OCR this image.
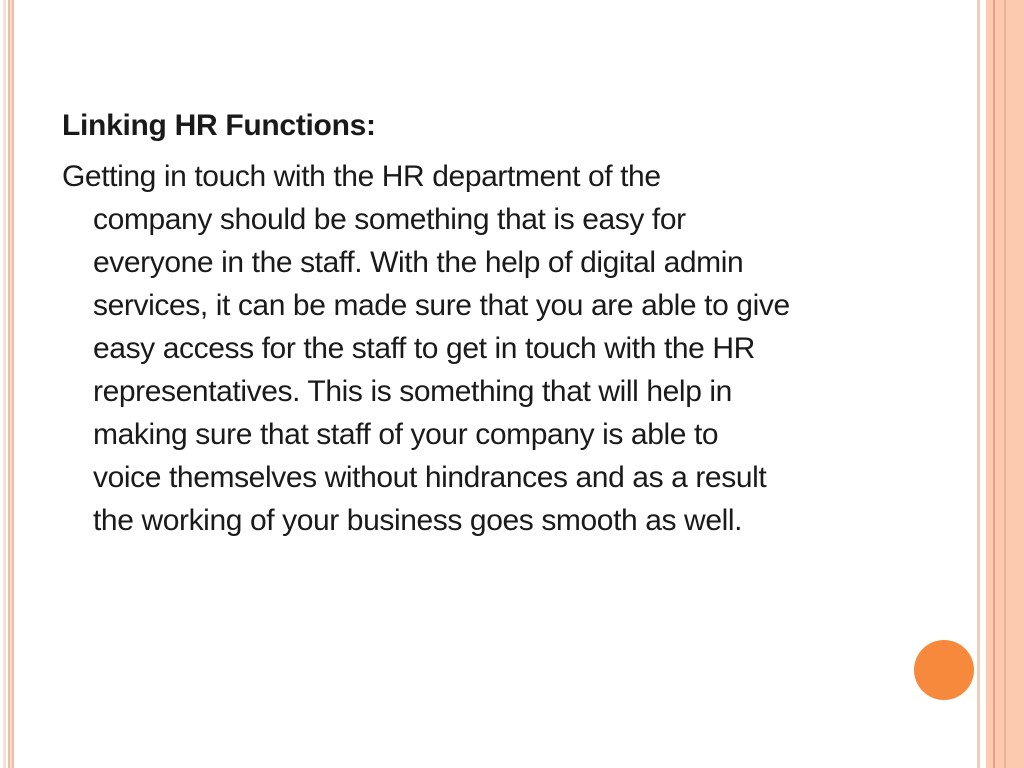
Linking HR Functions:
Getting in touch with the HR department of the
company should be something that is easy for
everyone in the staff. With the help of digital admin
services, it can be made sure that you are able to give
easy access for the staff to get in touch with the HR
representatives. This is something that will help in
making sure that staff of your company is able to
voice themselves without hindrances and as a result
the working of your business goes smooth as well.
